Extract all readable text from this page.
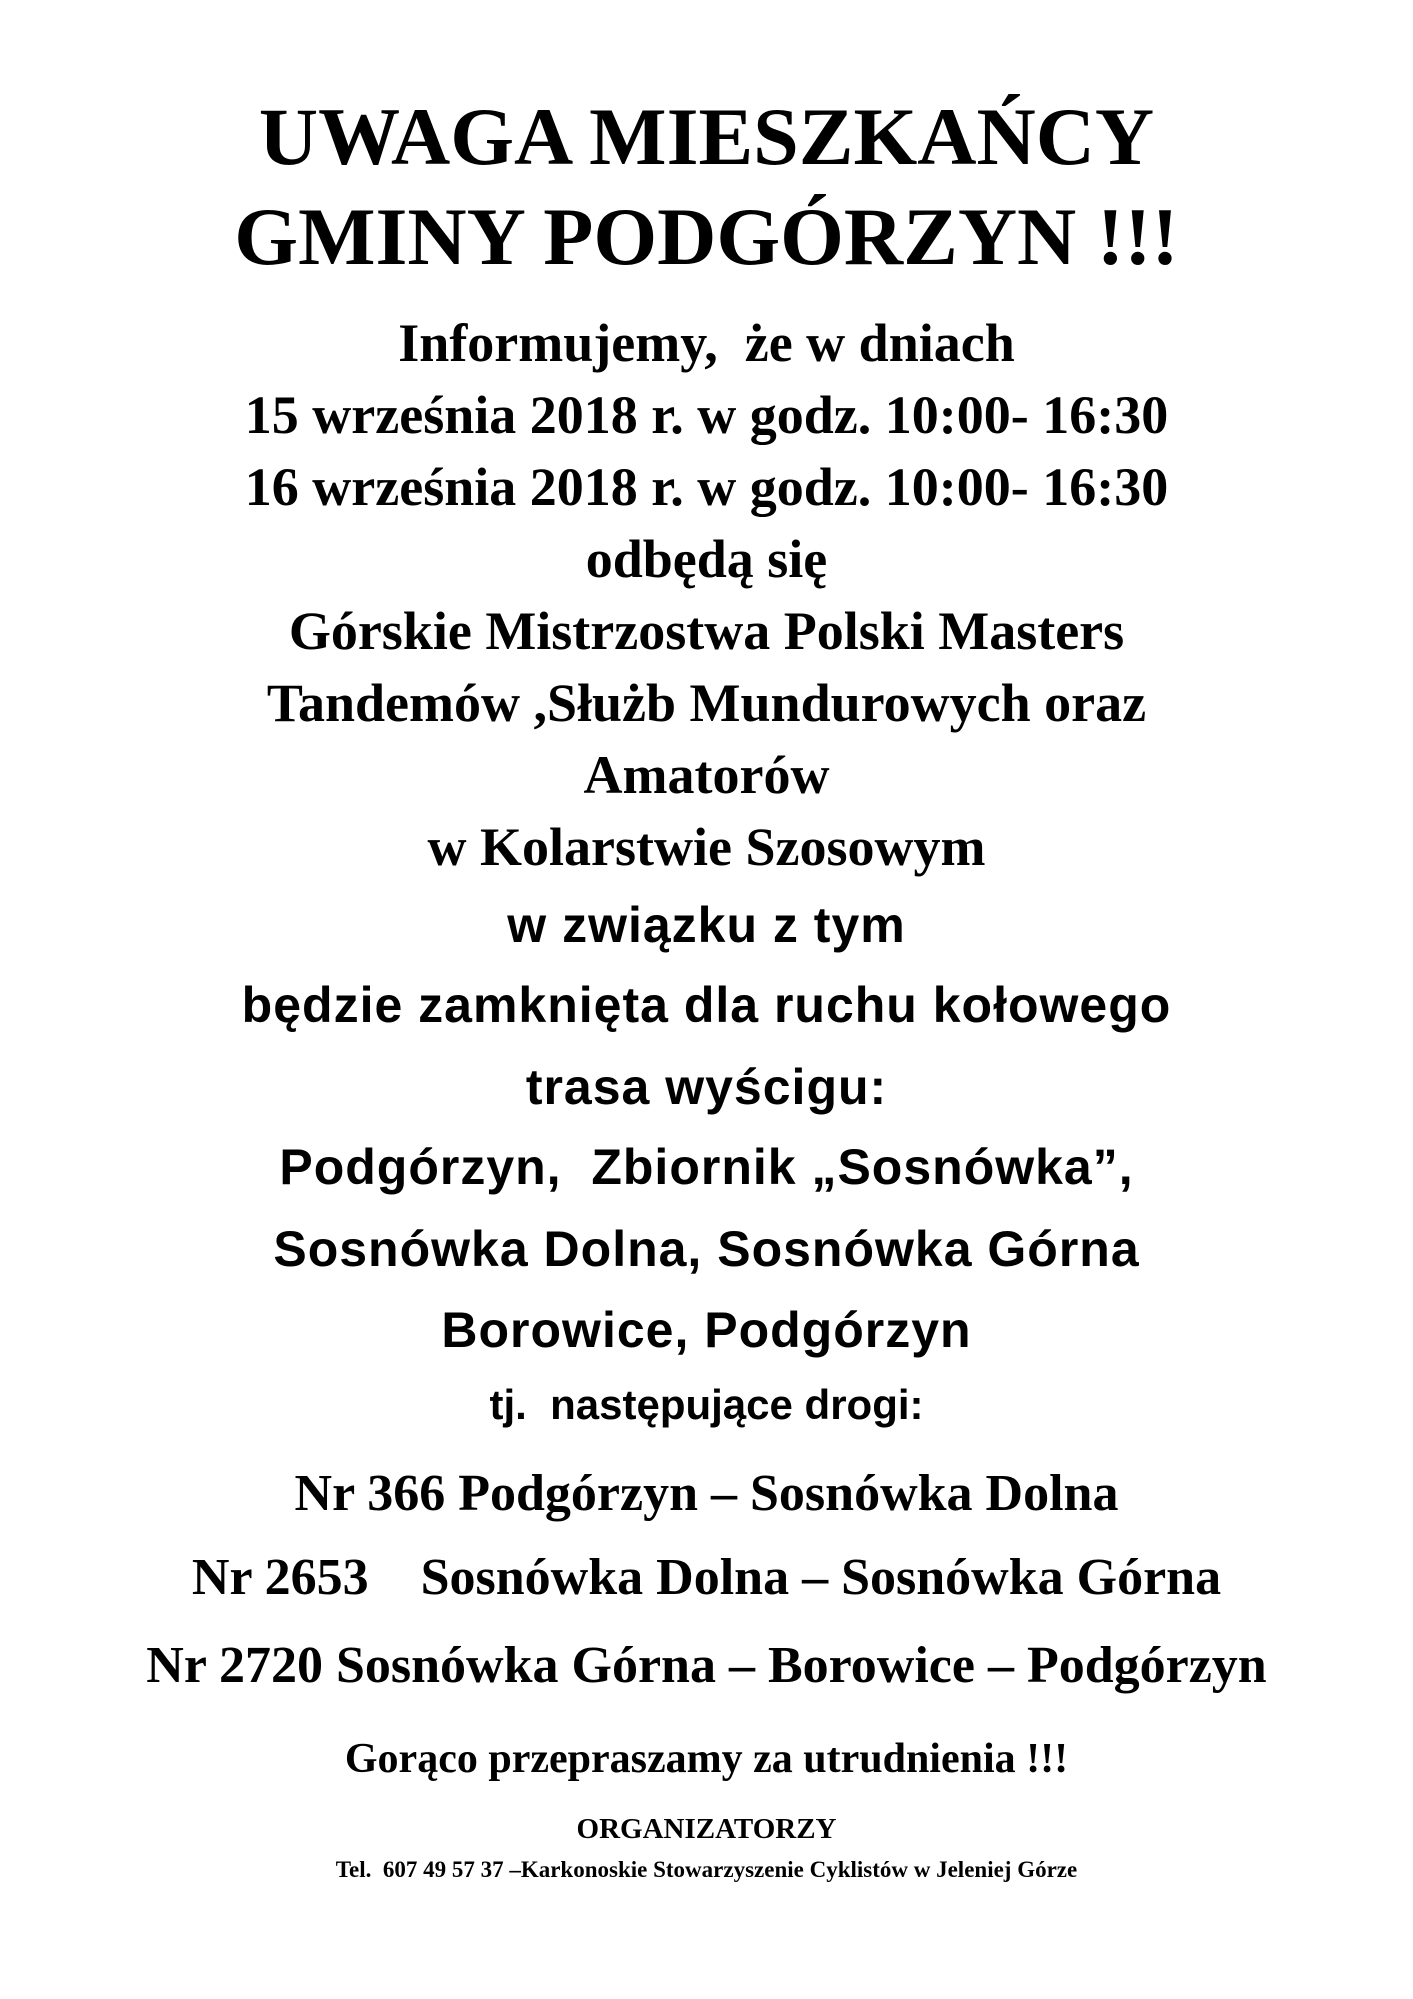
UWAGA MIESZKAŃCY
GMINY PODGÓRZYN !!!
Informujemy,  że w dniach
15 września 2018 r. w godz. 10:00- 16:30
16 września 2018 r. w godz. 10:00- 16:30
odbędą się
Górskie Mistrzostwa Polski Masters
Tandemów ,Służb Mundurowych oraz
Amatorów
w Kolarstwie Szosowym
w związku z tym
będzie zamknięta dla ruchu kołowego
trasa wyścigu:
Podgórzyn,  Zbiornik „Sosnówka”,
Sosnówka Dolna, Sosnówka Górna
Borowice, Podgórzyn
tj.  następujące drogi:
Nr 366 Podgórzyn – Sosnówka Dolna
Nr 2653    Sosnówka Dolna – Sosnówka Górna
Nr 2720 Sosnówka Górna – Borowice – Podgórzyn
Gorąco przepraszamy za utrudnienia !!!
ORGANIZATORZY
Tel.  607 49 57 37 –Karkonoskie Stowarzyszenie Cyklistów w Jeleniej Górze
